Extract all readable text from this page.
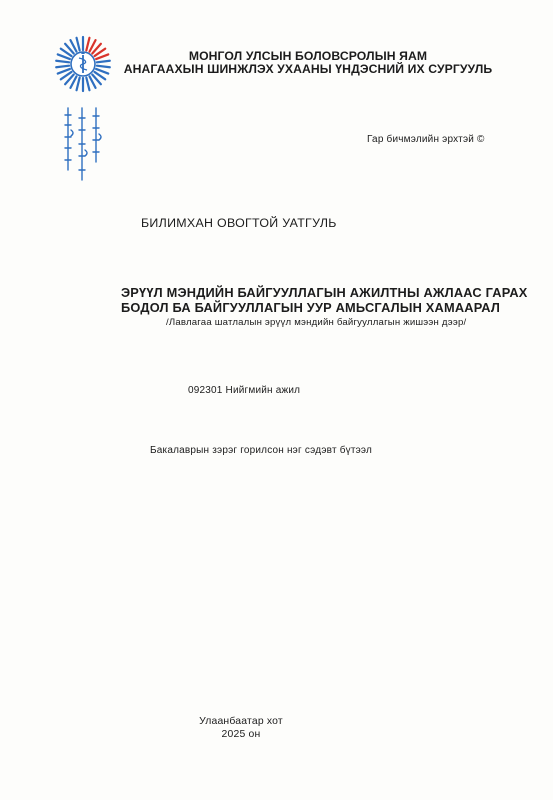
МОНГОЛ УЛСЫН БОЛОВСРОЛЫН ЯАМ
АНАГААХЫН ШИНЖЛЭХ УХААНЫ ҮНДЭСНИЙ ИХ СУРГУУЛЬ
Гар бичмэлийн эрхтэй ©
БИЛИМХАН ОВОГТОЙ УАТГУЛЬ
ЭРҮҮЛ МЭНДИЙН БАЙГУУЛЛАГЫН АЖИЛТНЫ АЖЛААС ГАРАХ
БОДОЛ БА БАЙГУУЛЛАГЫН УУР АМЬСГАЛЫН ХАМААРАЛ
/Лавлагаа шатлалын эрүүл мэндийн байгууллагын жишээн дээр/
092301 Нийгмийн ажил
Бакалаврын зэрэг горилсон нэг сэдэвт бүтээл
Улаанбаатар хот
2025 он
